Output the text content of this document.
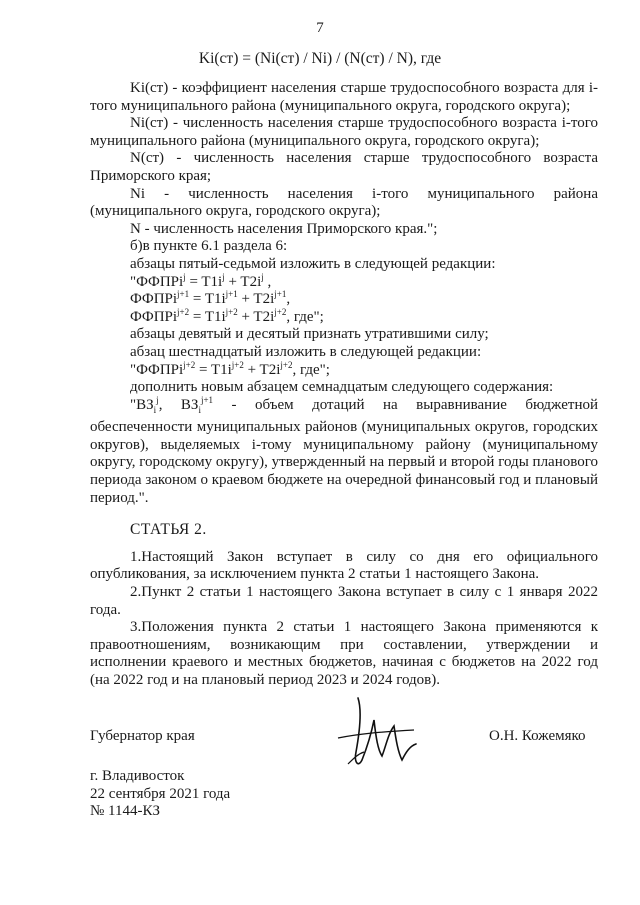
7
Ki(ст) = (Ni(ст) / Ni) / (N(ст) / N), где

Ki(ст) - коэффициент населения старше трудоспособного возраста для i-того муниципального района (муниципального округа, городского округа);

Ni(ст) - численность населения старше трудоспособного возраста i-того муниципального района (муниципального округа, городского округа);

N(ст) - численность населения старше трудоспособного возраста Приморского края;

Ni - численность населения i-того муниципального района (муниципального округа, городского округа);

N - численность населения Приморского края.";

б)в пункте 6.1 раздела 6:

абзацы пятый-седьмой изложить в следующей редакции:

"ФФПРi$^j$ = $T1i^j + T2i^j$ ,

ФФПРi$^{j+1}$ = $T1i^{j+1} + T2i^{j+1}$,

ФФПРi$^{j+2}$ = $T1i^{j+2} + T2i^{j+2}$, где";

абзацы девятый и десятый признать утратившими силу;

абзац шестнадцатый изложить в следующей редакции:

"ФФПРi$^{j+2}$ = $T1i^{j+2} + T2i^{j+2}$, где";

дополнить новым абзацем семнадцатым следующего содержания:

"$ВЗ_i^j$, $ВЗ_i^{j+1}$ - объем дотаций на выравнивание бюджетной обеспеченности муниципальных районов (муниципальных округов, городских округов), выделяемых i-тому муниципальному району (муниципальному округу, городскому округу), утвержденный на первый и второй годы планового периода законом о краевом бюджете на очередной финансовый год и плановый период.".

СТАТЬЯ 2.

1.Настоящий Закон вступает в силу со дня его официального опубликования, за исключением пункта 2 статьи 1 настоящего Закона.

2.Пункт 2 статьи 1 настоящего Закона вступает в силу с 1 января 2022 года.

3.Положения пункта 2 статьи 1 настоящего Закона применяются к правоотношениям, возникающим при составлении, утверждении и исполнении краевого и местных бюджетов, начиная с бюджетов на 2022 год (на 2022 год и на плановый период 2023 и 2024 годов).

Губернатор края	О.Н. Кожемяко
г. Владивосток
22 сентября 2021 года
№ 1144-КЗ
